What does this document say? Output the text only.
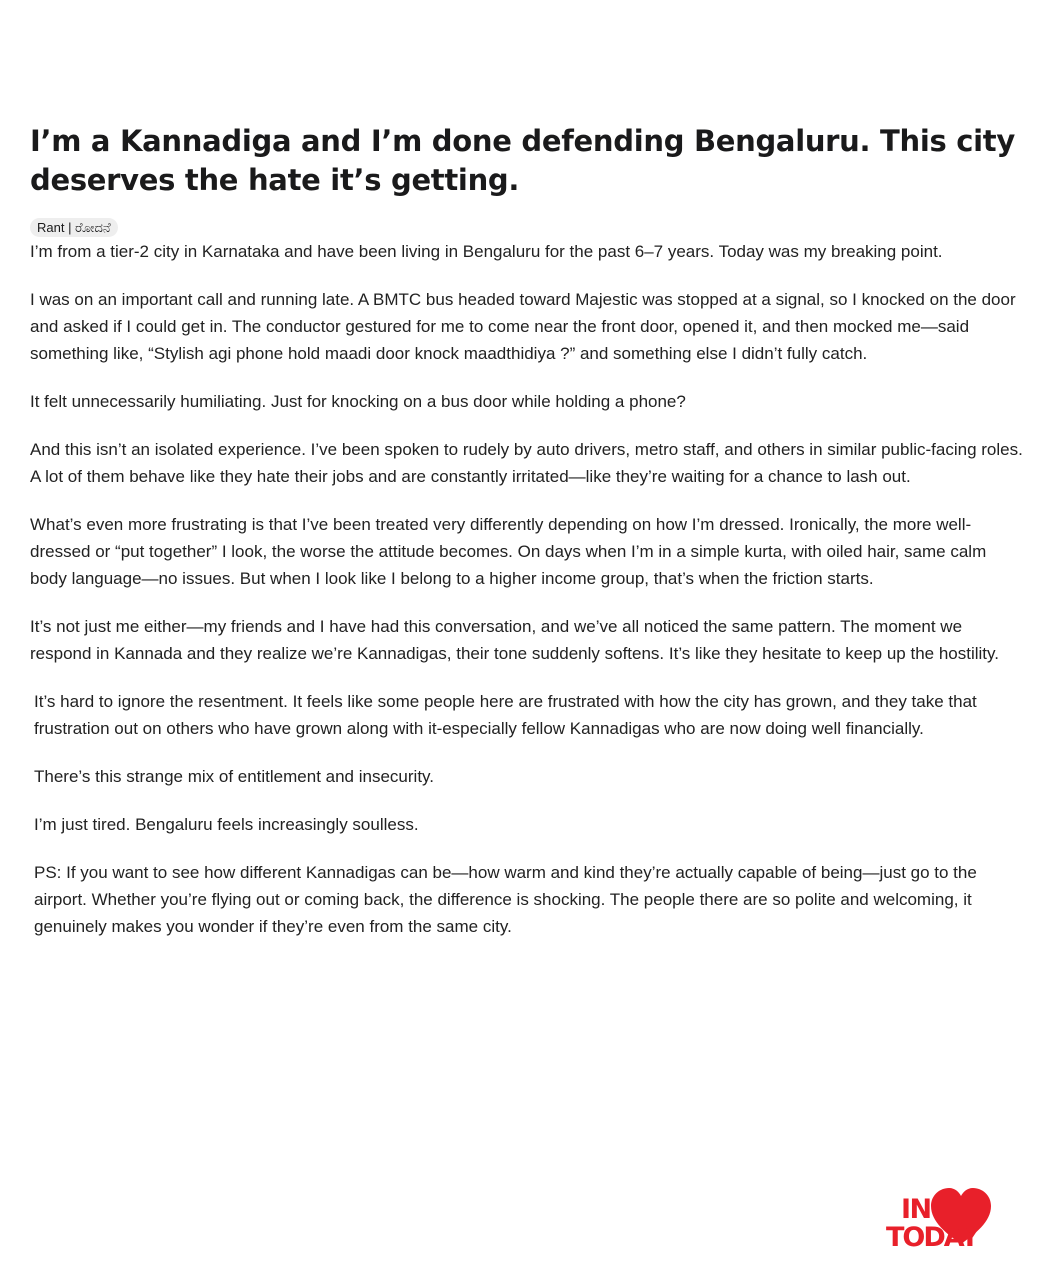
I’m a Kannadiga and I’m done defending Bengaluru. This city deserves the hate it’s getting.
Rant | ರೋದನೆ

I’m from a tier-2 city in Karnataka and have been living in Bengaluru for the past 6–7 years. Today was my breaking point.

I was on an important call and running late. A BMTC bus headed toward Majestic was stopped at a signal, so I knocked on the door and asked if I could get in. The conductor gestured for me to come near the front door, opened it, and then mocked me—said something like, “Stylish agi phone hold maadi door knock maadthidiya ?” and something else I didn’t fully catch.

It felt unnecessarily humiliating. Just for knocking on a bus door while holding a phone?

And this isn’t an isolated experience. I’ve been spoken to rudely by auto drivers, metro staff, and others in similar public-facing roles. A lot of them behave like they hate their jobs and are constantly irritated—like they’re waiting for a chance to lash out.

What’s even more frustrating is that I’ve been treated very differently depending on how I’m dressed. Ironically, the more well-dressed or “put together” I look, the worse the attitude becomes. On days when I’m in a simple kurta, with oiled hair, same calm body language—no issues. But when I look like I belong to a higher income group, that’s when the friction starts.

It’s not just me either—my friends and I have had this conversation, and we’ve all noticed the same pattern. The moment we respond in Kannada and they realize we’re Kannadigas, their tone suddenly softens. It’s like they hesitate to keep up the hostility.

It’s hard to ignore the resentment. It feels like some people here are frustrated with how the city has grown, and they take that frustration out on others who have grown along with it-especially fellow Kannadigas who are now doing well financially.

There’s this strange mix of entitlement and insecurity.

I’m just tired. Bengaluru feels increasingly soulless.

PS: If you want to see how different Kannadigas can be—how warm and kind they’re actually capable of being—just go to the airport. Whether you’re flying out or coming back, the difference is shocking. The people there are so polite and welcoming, it genuinely makes you wonder if they’re even from the same city.

IN
TODAY
